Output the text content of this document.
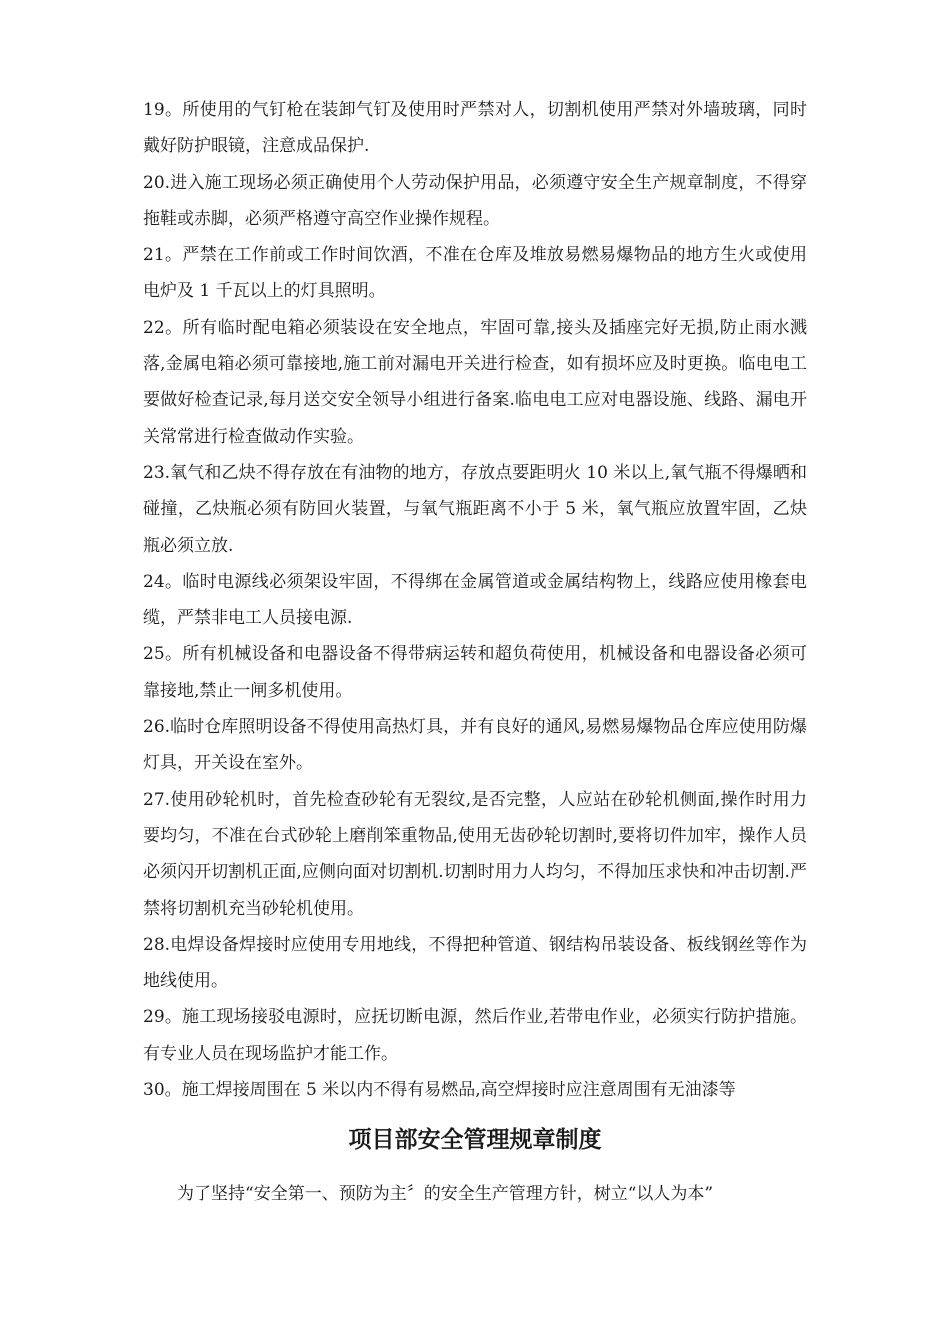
19。所使用的气钉枪在装卸气钉及使用时严禁对人，切割机使用严禁对外墙玻璃，同时戴好防护眼镜，注意成品保护.

20.进入施工现场必须正确使用个人劳动保护用品，必须遵守安全生产规章制度，不得穿拖鞋或赤脚，必须严格遵守高空作业操作规程。

21。严禁在工作前或工作时间饮酒，不准在仓库及堆放易燃易爆物品的地方生火或使用电炉及 1 千瓦以上的灯具照明。

22。所有临时配电箱必须装设在安全地点，牢固可靠,接头及插座完好无损,防止雨水溅落,金属电箱必须可靠接地,施工前对漏电开关进行检查，如有损坏应及时更换。临电电工要做好检查记录,每月送交安全领导小组进行备案.临电电工应对电器设施、线路、漏电开关常常进行检查做动作实验。

23.氧气和乙炔不得存放在有油物的地方，存放点要距明火 10 米以上,氧气瓶不得爆晒和碰撞，乙炔瓶必须有防回火装置，与氧气瓶距离不小于 5 米，氧气瓶应放置牢固，乙炔瓶必须立放.

24。临时电源线必须架设牢固，不得绑在金属管道或金属结构物上，线路应使用橡套电缆，严禁非电工人员接电源.

25。所有机械设备和电器设备不得带病运转和超负荷使用，机械设备和电器设备必须可靠接地,禁止一闸多机使用。

26.临时仓库照明设备不得使用高热灯具，并有良好的通风,易燃易爆物品仓库应使用防爆灯具，开关设在室外。

27.使用砂轮机时，首先检查砂轮有无裂纹,是否完整，人应站在砂轮机侧面,操作时用力要均匀，不准在台式砂轮上磨削笨重物品,使用无齿砂轮切割时,要将切件加牢，操作人员必须闪开切割机正面,应侧向面对切割机.切割时用力人均匀，不得加压求快和冲击切割.严禁将切割机充当砂轮机使用。

28.电焊设备焊接时应使用专用地线，不得把种管道、钢结构吊装设备、板线钢丝等作为地线使用。

29。施工现场接驳电源时，应抚切断电源，然后作业,若带电作业，必须实行防护措施。有专业人员在现场监护才能工作。

30。施工焊接周围在 5 米以内不得有易燃品,高空焊接时应注意周围有无油漆等

项目部安全管理规章制度

为了坚持“安全第一、预防为主〞的安全生产管理方针，树立“以人为本”
